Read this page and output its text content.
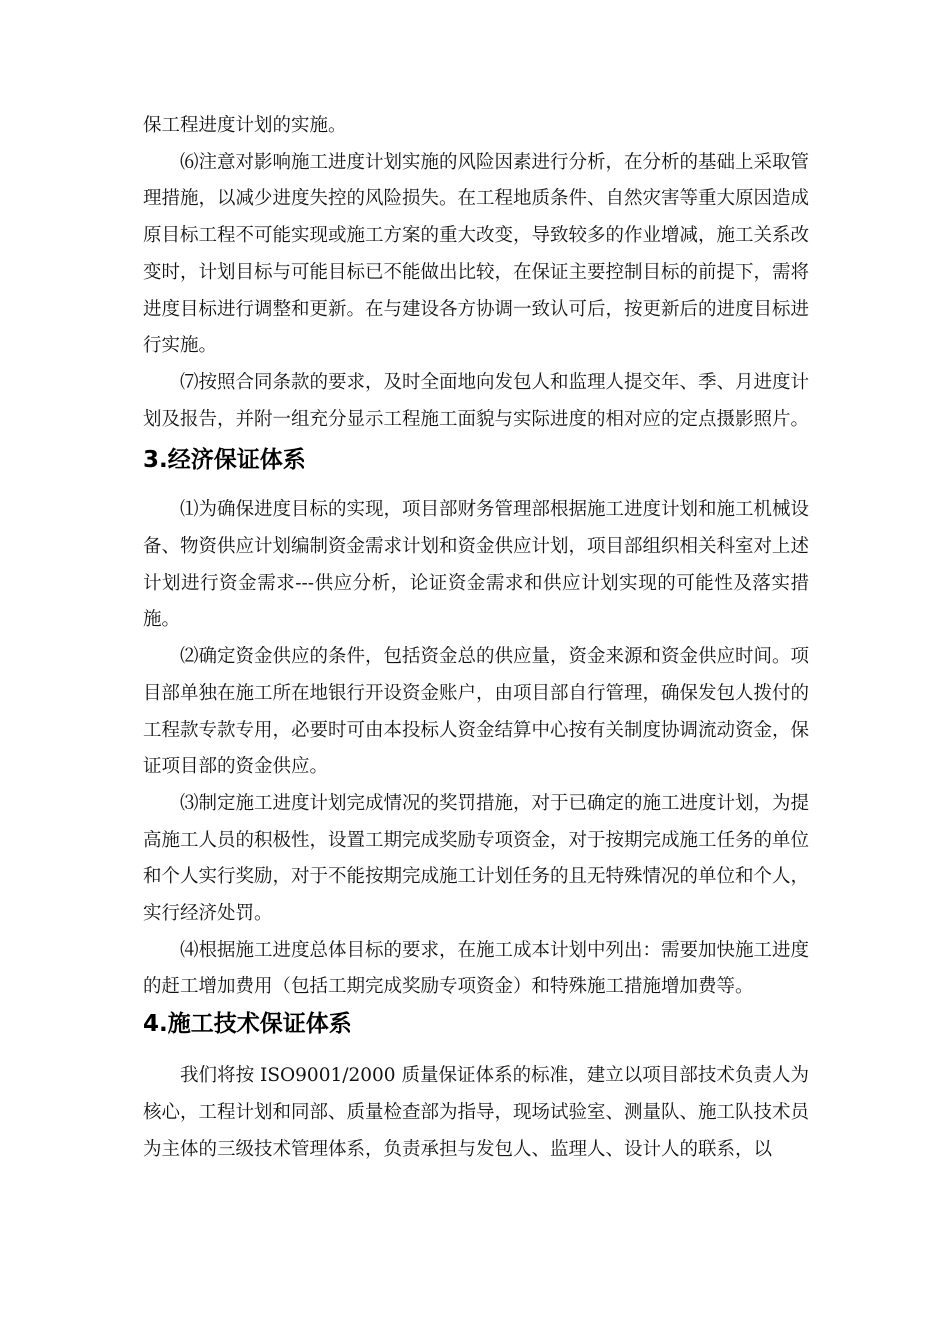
保工程进度计划的实施。

⑹注意对影响施工进度计划实施的风险因素进行分析，在分析的基础上采取管理措施，以减少进度失控的风险损失。在工程地质条件、自然灾害等重大原因造成原目标工程不可能实现或施工方案的重大改变，导致较多的作业增减，施工关系改变时，计划目标与可能目标已不能做出比较，在保证主要控制目标的前提下，需将进度目标进行调整和更新。在与建设各方协调一致认可后，按更新后的进度目标进行实施。

⑺按照合同条款的要求，及时全面地向发包人和监理人提交年、季、月进度计划及报告，并附一组充分显示工程施工面貌与实际进度的相对应的定点摄影照片。

3.经济保证体系

⑴为确保进度目标的实现，项目部财务管理部根据施工进度计划和施工机械设备、物资供应计划编制资金需求计划和资金供应计划，项目部组织相关科室对上述计划进行资金需求---供应分析，论证资金需求和供应计划实现的可能性及落实措施。

⑵确定资金供应的条件，包括资金总的供应量，资金来源和资金供应时间。项目部单独在施工所在地银行开设资金账户，由项目部自行管理，确保发包人拨付的工程款专款专用，必要时可由本投标人资金结算中心按有关制度协调流动资金，保证项目部的资金供应。

⑶制定施工进度计划完成情况的奖罚措施，对于已确定的施工进度计划，为提高施工人员的积极性，设置工期完成奖励专项资金，对于按期完成施工任务的单位和个人实行奖励，对于不能按期完成施工计划任务的且无特殊情况的单位和个人，实行经济处罚。

⑷根据施工进度总体目标的要求，在施工成本计划中列出：需要加快施工进度的赶工增加费用（包括工期完成奖励专项资金）和特殊施工措施增加费等。

4.施工技术保证体系

我们将按 ISO9001/2000 质量保证体系的标准，建立以项目部技术负责人为核心，工程计划和同部、质量检查部为指导，现场试验室、测量队、施工队技术员为主体的三级技术管理体系，负责承担与发包人、监理人、设计人的联系，以
